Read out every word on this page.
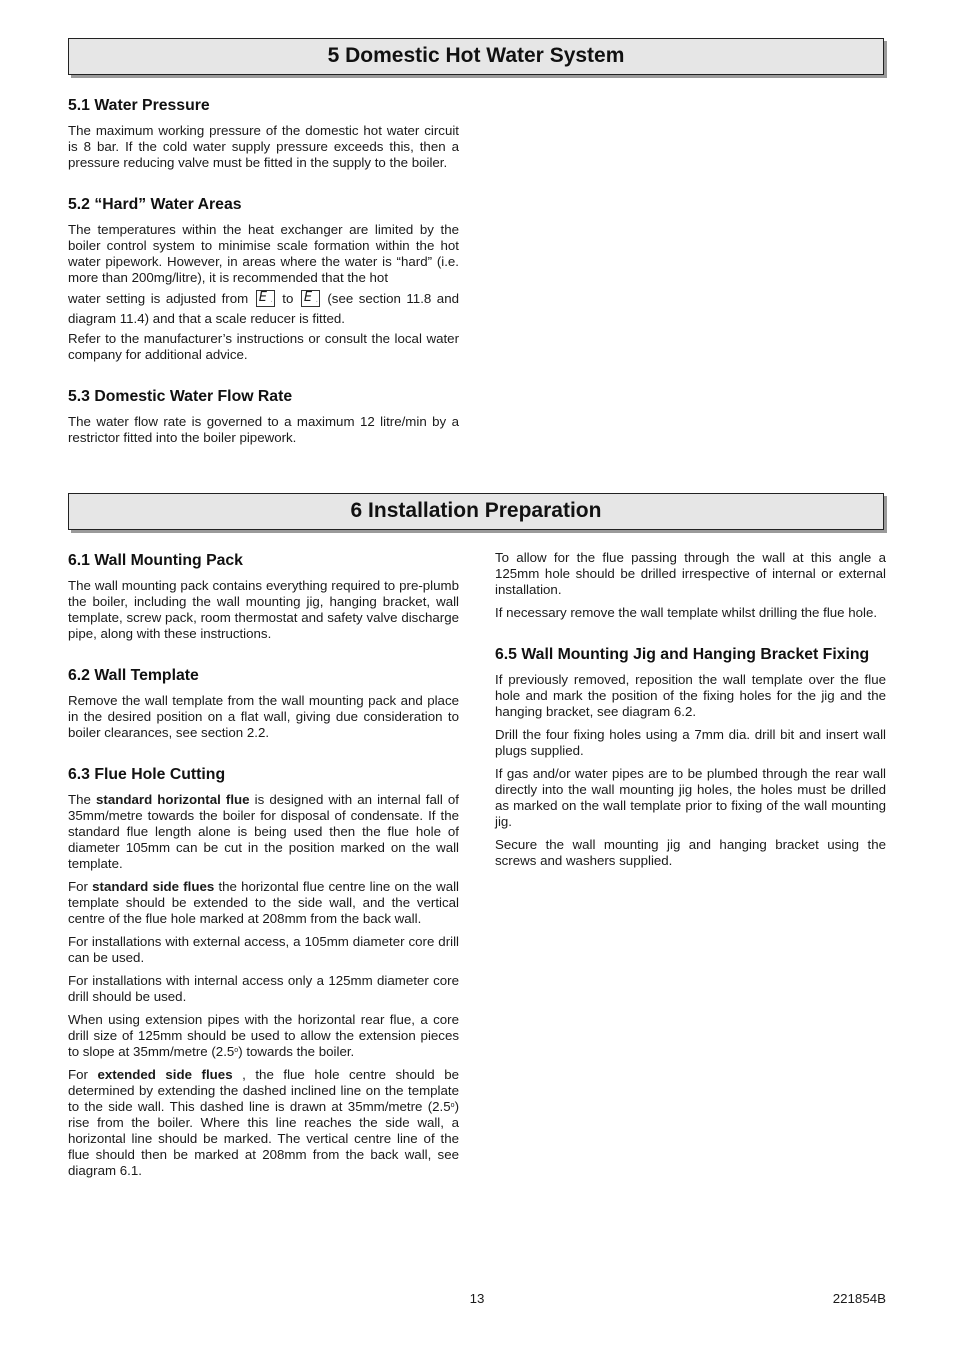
5 Domestic Hot Water System
5.1 Water Pressure

The maximum working pressure of the domestic hot water circuit is 8 bar. If the cold water supply pressure exceeds this, then a pressure reducing valve must be fitted in the supply to the boiler.

5.2 “Hard” Water Areas

The temperatures within the heat exchanger are limited by the boiler control system to minimise scale formation within the hot water pipework. However, in areas where the water is “hard” (i.e. more than 200mg/litre), it is recommended that the hot

water setting is adjusted from E · to E · (see section 11.8 and diagram 11.4) and that a scale reducer is fitted.

Refer to the manufacturer’s instructions or consult the local water company for additional advice.

5.3 Domestic Water Flow Rate

The water flow rate is governed to a maximum 12 litre/min by a restrictor fitted into the boiler pipework.

6 Installation Preparation
6.1 Wall Mounting Pack

The wall mounting pack contains everything required to pre-plumb the boiler, including the wall mounting jig, hanging bracket, wall template, screw pack, room thermostat and safety valve discharge pipe, along with these instructions.

6.2 Wall Template

Remove the wall template from the wall mounting pack and place in the desired position on a flat wall, giving due consideration to boiler clearances, see section 2.2.

6.3 Flue Hole Cutting

The standard horizontal flue is designed with an internal fall of 35mm/metre towards the boiler for disposal of condensate. If the standard flue length alone is being used then the flue hole of diameter 105mm can be cut in the position marked on the wall template.

For standard side flues the horizontal flue centre line on the wall template should be extended to the side wall, and the vertical centre of the flue hole marked at 208mm from the back wall.

For installations with external access, a 105mm diameter core drill can be used.

For installations with internal access only a 125mm diameter core drill should be used.

When using extension pipes with the horizontal rear flue, a core drill size of 125mm should be used to allow the extension pieces to slope at 35mm/metre (2.5$^o$) towards the boiler.

For extended side flues , the flue hole centre should be determined by extending the dashed inclined line on the template to the side wall. This dashed line is drawn at 35mm/metre (2.5$^o$) rise from the boiler. Where this line reaches the side wall, a horizontal line should be marked. The vertical centre line of the flue should then be marked at 208mm from the back wall, see diagram 6.1.

To allow for the flue passing through the wall at this angle a 125mm hole should be drilled irrespective of internal or external installation.

If necessary remove the wall template whilst drilling the flue hole.

6.5 Wall Mounting Jig and Hanging Bracket Fixing

If previously removed, reposition the wall template over the flue hole and mark the position of the fixing holes for the jig and the hanging bracket, see diagram 6.2.

Drill the four fixing holes using a 7mm dia. drill bit and insert wall plugs supplied.

If gas and/or water pipes are to be plumbed through the rear wall directly into the wall mounting jig holes, the holes must be drilled as marked on the wall template prior to fixing of the wall mounting jig.

Secure the wall mounting jig and hanging bracket using the screws and washers supplied.

13	221854B
